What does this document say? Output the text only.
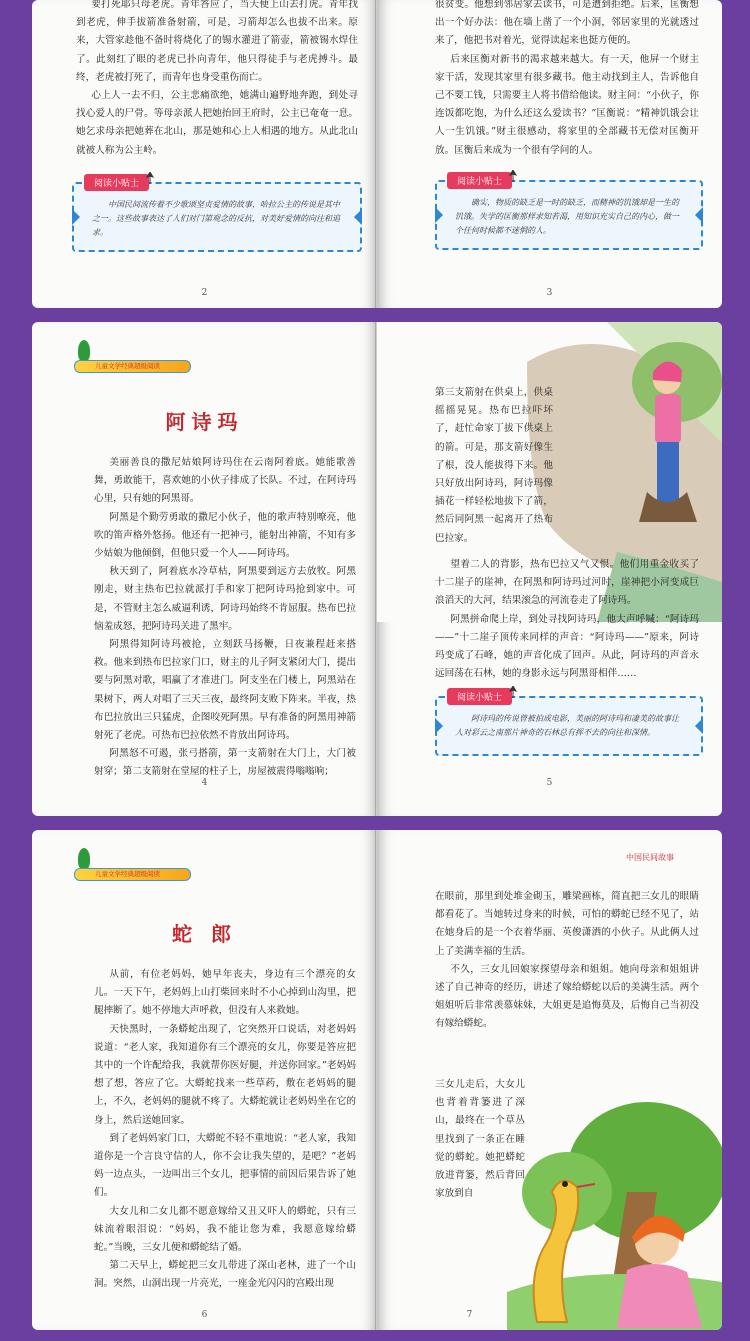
要打死耶只母老虎。青年答应了，当天便上山去打虎。青年找到老虎，伸手拔箭准备射箭，可是，习箭却怎么也拔不出来。原来，大管家趁他不备时将烧化了的锡水灌进了箭壶，箭被锡水焊住了。此刻红了眼的老虎已扑向青年，他只得徒手与老虎搏斗。最终，老虎被打死了，而青年也身受重伤而亡。

心上人一去不归，公主悲痛欲绝，她满山遍野地奔跑，到处寻找心爱人的尸骨。等母亲派人把她抬回王府时，公主已奄奄一息。她乞求母亲把她葬在北山，那是她和心上人相遇的地方。从此北山就被人称为公主岭。

阅读小贴士
中国民间流传着不少歌颂坚贞爱情的故事，哈拉公主的传说是其中之一。这些故事表达了人们对门第观念的反抗，对美好爱情的向往和追求。
2

很贫变。他想到邻居家去读书，可是遭到拒绝。后来，匡衡想出一个好办法：他在墙上凿了一个小洞，邻居家里的光就透过来了，他把书对着光，觉得读起来也挺方便的。

后来匡衡对新书的渴求越来越大。有一天，他屏一个财主家干活，发现其家里有很多藏书。他主动找到主人，告诉他自己不要工钱，只需要主人将书借给他读。财主问：“小伙子，你连饭都吃饱，为什么还这么爱读书？”匡衡说：“精神饥饿会让人一生饥饿。”财主很感动，将家里的全部藏书无偿对匡衡开放。匡衡后来成为一个很有学问的人。

阅读小贴士
确实，物质的缺乏是一时的缺乏，而精神的饥饿却是一生的饥饿。失学的匡衡那样求知若渴，用知识充实自己的内心，做一个任何时候都不迷惘的人。
3
儿童文学经典超级阅读
阿诗玛

美丽善良的撒尼姑娘阿诗玛住在云南阿着底。她能歌善舞，勇敢能干，喜欢她的小伙子排成了长队。不过，在阿诗玛心里，只有她的阿黑哥。

阿黑是个勤劳勇敢的撒尼小伙子，他的歌声特别嘹亮，他吹的笛声格外悠扬。他还有一把神弓，能射出神箭，不知有多少姑娘为他倾倒，但他只爱一个人——阿诗玛。

秋天到了，阿着底水冷草枯，阿黑要到远方去放牧。阿黑刚走，财主热布巴拉就派打手和家丁把阿诗玛抢到家中。可是，不管财主怎么威逼利诱，阿诗玛始终不肯屈服。热布巴拉恼羞成怒，把阿诗玛关进了黑牢。

阿黑得知阿诗玛被抢，立刻跃马扬鞭，日夜兼程赶来搭救。他来到热布巴拉家门口，财主的儿子阿支紧闭大门，提出要与阿黑对歌，唱赢了才准进门。阿支坐在门楼上，阿黑站在果树下，两人对唱了三天三夜，最终阿支败下阵来。半夜，热布巴拉放出三只猛虎，企图咬死阿黑。早有准备的阿黑用神箭射死了老虎。可热布巴拉依然不肯放出阿诗玛。

阿黑怒不可遏，张弓搭箭，第一支箭射在大门上，大门被射穿；第二支箭射在堂屋的柱子上，房屋被震得嗡嗡响；

4

第三支箭射在供桌上，供桌摇摇晃晃。热布巴拉吓坏了，赶忙命家丁拔下供桌上的箭。可是，那支箭好像生了根，没人能拔得下来。他只好放出阿诗玛，阿诗玛像插花一样轻松地拔下了箭，然后同阿黑一起离开了热布巴拉家。

望着二人的背影，热布巴拉又气又恨。他们用重金收买了十二崖子的崖神，在阿黑和阿诗玛过河时，崖神把小河变成巨浪滔天的大河，结果滚急的河流卷走了阿诗玛。

阿黑拼命爬上岸，到处寻找阿诗玛，他大声呼喊：“阿诗玛——”十二崖子顶传来同样的声音：“阿诗玛——”原来，阿诗玛变成了石峰，她的声音化成了回声。从此，阿诗玛的声音永远回荡在石林，她的身影永远与阿黑哥相伴……

阅读小贴士
阿诗玛的传说曾被拍成电影，美丽的阿诗玛和凄美的故事让人对彩云之南那片神奇的石林总有挥不去的向往和深情。
5
儿童文学经典超级阅读
蛇 郎

从前，有位老妈妈，她早年丧夫，身边有三个漂亮的女儿。一天下午，老妈妈上山打柴回来时不小心掉到山沟里，把腿摔断了。她不停地大声呼救，但没有人来救她。

天快黑时，一条蟒蛇出现了，它突然开口说话，对老妈妈说道：“老人家，我知道你有三个漂亮的女儿，你要是答应把其中的一个许配给我，我就帮你医好腿，并送你回家。”老妈妈想了想，答应了它。大蟒蛇找来一些草药，敷在老妈妈的腿上，不久，老妈妈的腿就不疼了。大蟒蛇就让老妈妈坐在它的身上，然后送她回家。

到了老妈妈家门口，大蟒蛇不轻不重地说：“老人家，我知道你是一个言良守信的人，你不会让我失望的，是吧？”老妈妈一边点头，一边叫出三个女儿，把事情的前因后果告诉了她们。

大女儿和二女儿都不愿意嫁给又丑又吓人的蟒蛇，只有三妹流着眼泪说：“妈妈，我不能让您为难，我愿意嫁给蟒蛇。”当晚，三女儿便和蟒蛇结了婚。

第二天早上，蟒蛇把三女儿带进了深山老林，进了一个山洞。突然，山洞出现一片亮光，一座金光闪闪的宫殿出现

6
中国民间故事

在眼前，那里到处堆金砌玉，雕梁画栋，简直把三女儿的眼睛都看花了。当她转过身来的时候，可怕的蟒蛇已经不见了，站在她身后的是一个衣着华丽、英俊潇洒的小伙子。从此俩人过上了美满幸福的生活。

不久，三女儿回娘家探望母亲和姐姐。她向母亲和姐姐讲述了自己神奇的经历，讲述了嫁给蟒蛇以后的美满生活。两个姐姐听后非常羡慕妹妹，大姐更是追悔莫及，后悔自己当初没有嫁给蟒蛇。

三女儿走后，大女儿也背着背篓进了深山，最终在一个草丛里找到了一条正在睡觉的蟒蛇。她把蟒蛇放进背篓，然后背回家放到自

7
